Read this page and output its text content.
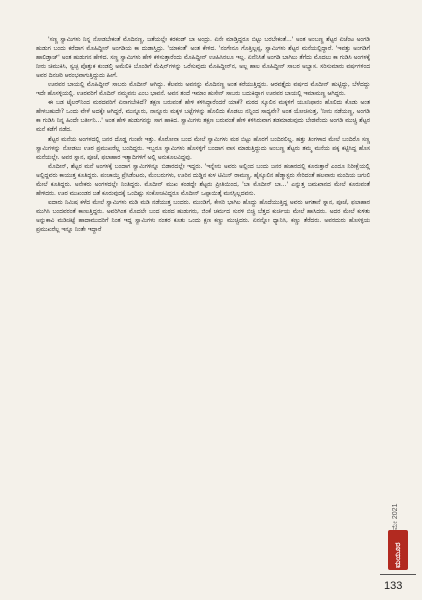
'ಸಣ್ಣ ಸ್ವಾಮಿಗಳು ನಿನ್ನ ನೋಡಬೇಕಂತೆ ಮೊದಿನಣ್ಣ, ಜತೆಯಲ್ಲೇ ಕರಕಂಡ್ ಬಾ ಅಂದ್ರು. ಏನೇ ಮಾಡ್ತಿದ್ದರೂ ಬಿಟ್ಟು ಬರಬೇಕಂತೆ...' ಅಂತ ಅಂಬಣ್ಣ ಶೆಟ್ಟರ ಏಜೆಂಟ ಅಂಗಡಿ ಹುಡುಗ ಬಂದು ಕರೆದಾಗ ಮೊಹಿದ್ದೀನ್ ಅಂಗಡಿಯ ಕಾ ದುಡಾಸ್ತಿದ್ರು. 'ಯಾಕಂತೆ' ಅಂತ ಕೇಳಿದ. 'ನಂಗೇನೂ ಗೊತ್ತಿಲ್ಲಪ್ಪ, ಸ್ವಾಮಿಗಳು ಶೆಟ್ಟರ ಮನೆಯಲ್ಲಿದ್ದಾರೆ. 'ಇವತ್ತು ಅಂಗಡಿಗೆ ಹಾಲಿಡ್ತಾಜ್' ಅಂತ ಹುಡುಗನ ಹೇಳಿದ. ಸಣ್ಣ ಸ್ವಾಮಿಗಳು ಹೇಳಿ ಕಳಿಸುತ್ತಾರೆಂದು ಮೊಹಿದ್ದೀನ್ ಊಹಿಸಿರಲೂ ಇಲ್ಲ. ಏನೆನಿಸಿತೆ ಅಂಗಡಿ ಬಾಗಿಲು ತೆಗೆದು ಮೊದಲು ಕಾ ಗುಡಿಸಿ ಅಂಗಳಕ್ಕೆ ನೀರು ಚಿಮುಕಿಸಿ, ಸ್ವಚ್ಛ ಪೊತ್ತುಕ ಕುಂಡಲ್ತಿ ಅಮೆಲಿಕಿ ಬೊಂಡಿಗೆ ಮೆಷಿನ್‌ಗಳನ್ನು ಒರೆಸುವುದು ಮೊಹಿದ್ದೀನ್‌ನ, ಅಲ್ಲ ಹಾಲ ಮೊಹಿದ್ದೀನ್‌ ಸಾಬರ ಅಭ್ಯಾಸ. ಸರಿಸುಮಾರು ವರ್ಷಗಳಿಂದ ಅವರ ದಿನಚರಿ ಆರಂಭವಾಗುತ್ತಿದ್ದುದು ಹೀಗೆ.

ಊರವರ ಬಾಯಲ್ಲಿ ಮೊಹಿದ್ದೀನ್ ಸಾಬರು ಮೊದೀನ್ ಆಗಿದ್ದು. ಕೆಲವರು ಅವನನ್ನು ಮೊದಿನಣ್ಣ ಅಂತ ಕರೆಯುತ್ತಿದ್ದರು. ಆರವತ್ತೈದು ವರ್ಷದ ಮೊದೀನ್ ಹುಟ್ಟಿದ್ದು, ಬೆಳೆದದ್ದು ಇದೇ ಹೊಸಳ್ಳಿಯಲ್ಲಿ. ಊರವರಿಗೆ ಮೊದಿನ್ ನಮ್ಮವನು ಎಂಬ ಭಾವನೆ. ಅವನ ತಂದೆ ಇಮಾಂ ಹುಸೇನ್ ಸಾಬರು ಬದುಕಿದ್ದಾಗ ಊರವರ ಬಾಯಲ್ಲಿ ಇಮಾಮಣ್ಣ ಆಗಿದ್ದರು.

ಈ ಬಡ ಟೈಲರ್‌ನಿಂದ ಮಠದವರಿಗೆ ಏನಾಗಬೇಕಿದೆ? ತಕ್ಷಣ ಬರುವಂತೆ ಹೇಳಿ ಕಳಿಸಿದ್ದಾರೆಂದರೆ ಯಾಕೆ? ಮಠದ ಸ್ಕೂಲಿನ ಮಕ್ಕಳಿಗೆ ಯೂನಿಫಾರಂ ಹೊಲಿದು ಕೊಡು ಅಂತ ಹೇಳಬಹುದೇ? ಒಂದು ವೇಳೆ ಅದಕ್ಕೇ ಆಗಿದ್ದರೆ, ಮುನ್ನೂರು, ನಾನ್ನೂರು ಮಕ್ಕಳ ಬಟ್ಟೆಗಳನ್ನು ಹೊಲಿದು ಕೊಡಲು ನನ್ನಿಂದ ಸಾಧ್ಯವೇ? ಅಂತ ಯೋಚಿಸುತ್ತ, 'ನೀನು ನಡೆಯಣ್ಣ, ಅಂಗಡಿ ಕಾ ಗುಡಿಸಿ ನಿನ್ನ ಹಿಂದೇ ಬರ್ತೀನಿ...' ಅಂತ ಹೇಳಿ ಹುಡುಗನನ್ನು ಸಾಗ ಹಾಕಿದ. ಸ್ವಾಮಿಗಳು ತಕ್ಷಣ ಬರುವಂತೆ ಹೇಳಿ ಕಳಿಸಿರುವಾಗ ತಡಮಾಡುವುದು ಬೇಡವೆಂದು ಅಂಗಡಿ ಮುಚ್ಚಿ ಶೆಟ್ಟರ ಮನೆ ಕಡೆಗೆ ನಡೆದ.

ಶೆಟ್ಟರ ಮನೆಯ ಅಂಗಳದಲ್ಲಿ ಜನರ ದೊಡ್ಡ ಗುಂಪೇ ಇತ್ತು. ಕೊರೋನಾ ಬಂದ ಮೇಲೆ ಸ್ವಾಮಿಗಳು ಮಠ ಬಿಟ್ಟು ಹೊರಗೆ ಬಂದಿರಲಿಲ್ಲ. ಹತ್ತು ತಿಂಗಳಾದ ಮೇಲೆ ಬಂದಿರೊ ಸಣ್ಣ ಸ್ವಾಮಿಗಳನ್ನು ನೋಡಲು ಊರ ಪ್ರಮುಖರೆಲ್ಲ ಬಂದಿದ್ದರು. ಇಬ್ಬರೂ ಸ್ವಾಮಿಗಳು ಹೊಸಳ್ಳಿಗೆ ಬಂದಾಗ ವಾಸ ಮಾಡುತ್ತಿದ್ದುದು ಅಂಬಣ್ಣ ಶೆಟ್ಟರು ತಮ್ಮ ಮನೆಯ ಪಕ್ಕ ಕಟ್ಟಿಸಿದ್ದ ಹೊಸ ಮನೆಯಲ್ಲೇ. ಅವರ ಸ್ನಾನ, ಪೂಜೆ, ಫಲಾಹಾರ ಇತ್ಯಾದಿಗಳಿಗೆ ಅಲ್ಲಿ ಅನುಕೂಲವಿದ್ದವು.

ಮೊದೀನ್, ಶೆಟ್ಟರ ಮನೆ ಅಂಗಳಕ್ಕೆ ಬಂದಾಗ ಸ್ವಾಮಿಗಳಿನ್ನೂ ಬಿಡಾರದಲ್ಲೇ ಇದ್ದರು. 'ಇನ್ನೇನು ಅವರು ಅಲ್ಲಿಂದ ಬಂದು ಜನರ ಹಜಾರದಲ್ಲಿ ಕೂರುತ್ತಾರೆ ಎಂದೂ ನಿರೀಕ್ಷೆಯಲ್ಲಿ ಅಲ್ಲಿದ್ದವರು ಕಾಯುತ್ತ ಕೂತಿದ್ದರು. ಪಂಚಾಯ್ತಿ ಪ್ರೆಸಿಡೆಂಟರು, ಮೆಂಬರುಗಳು, ಊರಿನ ದುಡ್ಡಿನ ಕುಳ ಟಿಮಿನ್ ರಾಮಣ್ಣ, ಹೈಸ್ಕೂಲಿನ ಹೆಡ್ಮಾಸ್ಟರು ಸೇರಿದಂತೆ ಹಲವಾರು ಮಂದಿಯ ಜಗುಲಿ ಮೇಲೆ ಕೂತಿದ್ದರು. ಅನೇಕರು ಅಂಗಳದಲ್ಲೇ ನಿಂತಿದ್ದರು. ಮೊದೀನ್ ಮುಖ ಕಂಡದ್ದೇ ಶೆಟ್ಟರು ಪ್ರೀತಿಯಿಂದ, 'ಬಾ ಮೊದೀನ್ ಬಾ...' ಎನ್ನುತ್ತ ಜಮಖಾನದ ಮೇಲೆ ಕೂರುವಂತೆ ಹೇಳಿದರು. ಊರ ಮುಖಂಡರ ಜತೆ ಕೂರುವುದಕ್ಕೆ ಒಂದಿಷ್ಟು ಸಂಕೋಚವಿದ್ದರೂ ಮೊದೀನ್ ಒಪ್ಪಾಯಿತ್ಕೆ ಮನಸ್ಸಿಲ್ಲದವನು.

ಐದಾರು ನಿಮಿಷ ಕಳೆದ ಮೇಲೆ ಸ್ವಾಮಿಗಳು ಮಡಿ ಮಡಿ ನಡೆಯುತ್ತ ಬಂದರು. ಮುಂಡಿಗೆ, ಕೇಸರಿ ಭಾಗಿಲ ಹೊದ್ದು ಹೊದೆಯುತ್ತಿದ್ದ ಅವರು ಆಗತಾನೆ ಸ್ನಾನ, ಪೂಜೆ, ಫಲಾಹಾರ ಮುಗಿಸಿ ಬಂದವರಂತೆ ಕಾಣುತ್ತಿದ್ದರು. ಅವರಿಗಿಂತ ಮೊದಲೇ ಬಂದ ಮಠದ ಹುಡುಗರು, ಜಿಂಕೆ ಚರ್ಮದ ಸುರಳಿ ಬಿಚ್ಚಿ ಬೆತ್ತದ ಕುರ್ಚಿಯ ಮೇಲೆ ಹಾಸಿದರು. ಅದರ ಮೇಲೆ ಕುಳಿತು ಅನ್ನುಕಾವಿ ಮಡಿಚಿಟ್ಟೆ ಹಾದಾಮುದರಿಗೆ ನಿಂತ ಇದ್ದ ಸ್ವಾಮಿಗಳು ನಂತರ ಕೂತು ಒಂದು ಕ್ಷಣ ಕಣ್ಣು ಮುಚ್ಚಿದರು. ಏನನ್ನೋ ಧ್ಯಾನಿಸಿ, ಕಣ್ಣು ತೆರೆದರು. ಅವರದುರು ಹೊಸಳ್ಳಿಯ ಪ್ರಮುಖರೆಲ್ಲ ಇನ್ನೂ ನಿಂತೇ ಇದ್ದಾರೆ

ಮೇ 2021
ಮಯೂರ
133
